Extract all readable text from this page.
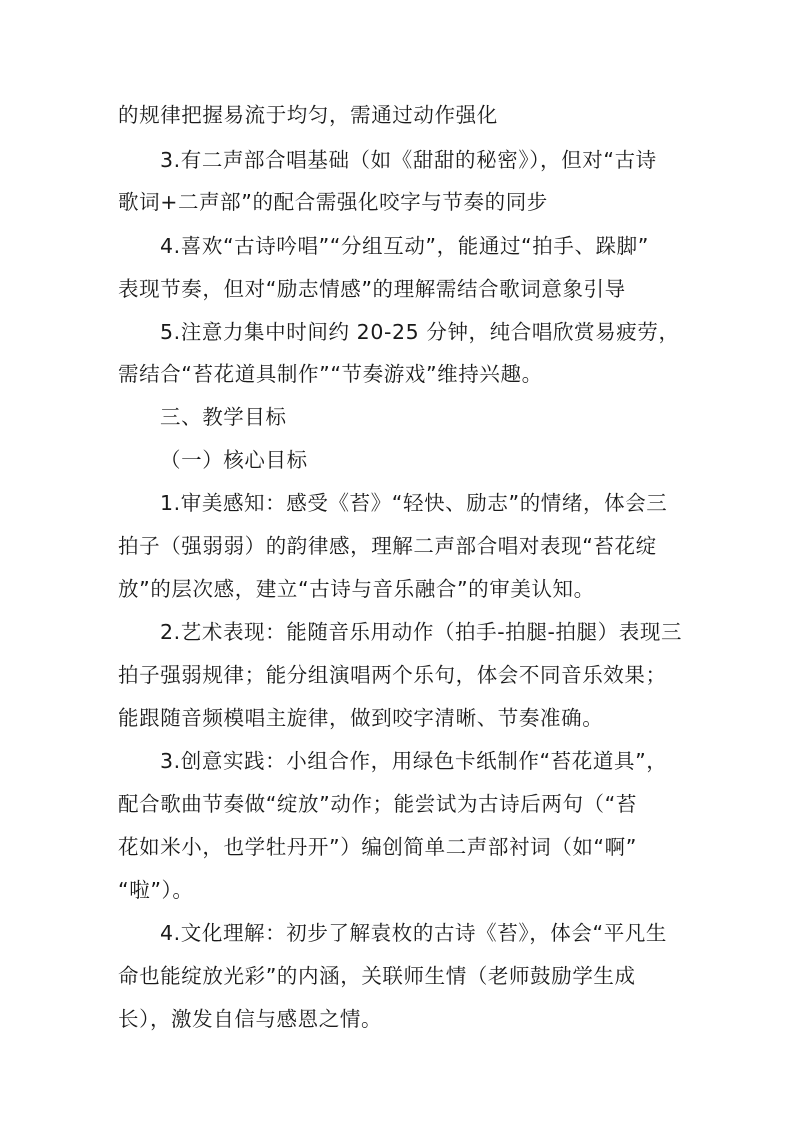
的规律把握易流于均匀，需通过动作强化
3.有二声部合唱基础（如《甜甜的秘密》），但对“古诗
歌词+二声部”的配合需强化咬字与节奏的同步
4.喜欢“古诗吟唱”“分组互动”，能通过“拍手、跺脚”
表现节奏，但对“励志情感”的理解需结合歌词意象引导
5.注意力集中时间约 20-25 分钟，纯合唱欣赏易疲劳，
需结合“苔花道具制作”“节奏游戏”维持兴趣。
三、教学目标
（一）核心目标
1.审美感知：感受《苔》“轻快、励志”的情绪，体会三
拍子（强弱弱）的韵律感，理解二声部合唱对表现“苔花绽
放”的层次感，建立“古诗与音乐融合”的审美认知。
2.艺术表现：能随音乐用动作（拍手-拍腿-拍腿）表现三
拍子强弱规律；能分组演唱两个乐句，体会不同音乐效果；
能跟随音频模唱主旋律，做到咬字清晰、节奏准确。
3.创意实践：小组合作，用绿色卡纸制作“苔花道具”，
配合歌曲节奏做“绽放”动作；能尝试为古诗后两句（“苔
花如米小，也学牡丹开”）编创简单二声部衬词（如“啊”
“啦”）。
4.文化理解：初步了解袁枚的古诗《苔》，体会“平凡生
命也能绽放光彩”的内涵，关联师生情（老师鼓励学生成
长），激发自信与感恩之情。
